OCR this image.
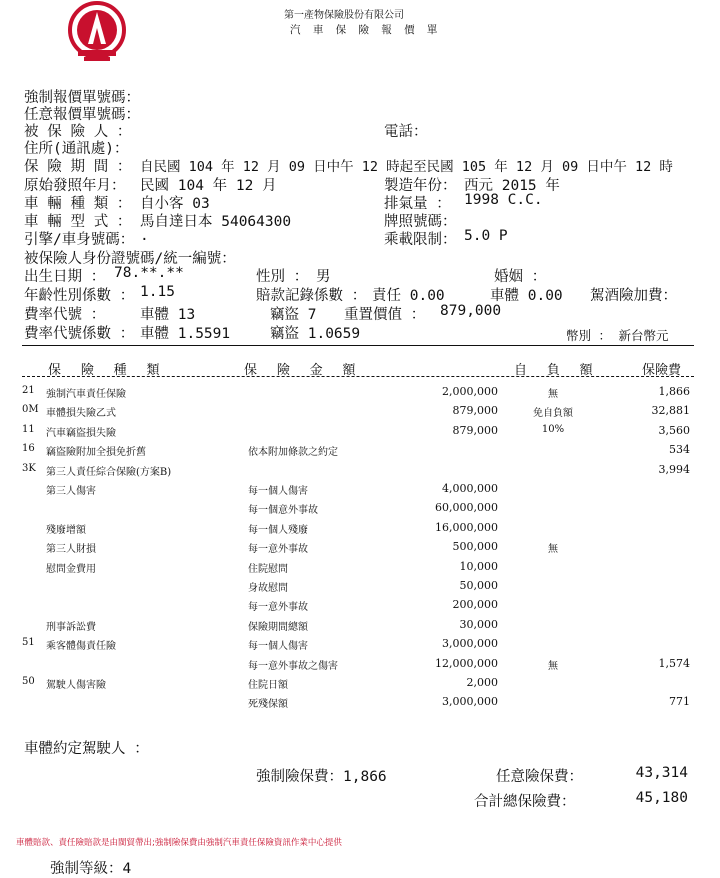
第一產物保險股份有限公司
汽 車 保 險 報 價 單
強制報價單號碼：
任意報價單號碼：
被 保 險 人 ：	電話：
住所(通訊處)：
保 險 期 間 ： 自民國 104 年 12 月 09 日中午 12 時起至民國 105 年 12 月 09 日中午 12 時
原始發照年月： 民國 104 年 12 月	製造年份： 西元 2015 年
車 輛 種 類 ： 自小客 03	排氣量 ： 1998 C.C.
車 輛 型 式 ： 馬自達日本 54064300	牌照號碼：
引擎/車身號碼： .	乘載限制： 5.0 P
被保險人身份證號碼/統一編號：
出生日期 ： 78.**.**	性別 ： 男	婚姻 ：
年齡性別係數 ： 1.15	賠款記錄係數 ： 責任 0.00	車體 0.00 駕酒險加費：
費率代號 ： 車體 13	竊盜 7 重置價值 ： 879,000
費率代號係數 ： 車體 1.5591	竊盜 1.0659	幣別 ： 新台幣元
保 險 種 類	保 險 金 額	自 負 額	保險費
21	強制汽車責任保險	2,000,000	無	1,866
0M 車體損失險乙式	879,000	免自負額	32,881
11	汽車竊盜損失險	879,000	10%	3,560
16	竊盜險附加全損免折舊	依本附加條款之約定	534
3K	第三人責任綜合保險(方案B)	3,994
第三人傷害	每一個人傷害	4,000,000
每一個意外事故	60,000,000
殘廢增額	每一個人殘廢	16,000,000
第三人財損	每一意外事故	500,000	無
慰問金費用	住院慰問	10,000
身故慰問	50,000
每一意外事故	200,000
刑事訴訟費	保險期間總額	30,000
51	乘客體傷責任險	每一個人傷害	3,000,000
每一意外事故之傷害	12,000,000	無	1,574
50	駕駛人傷害險	住院日額	2,000
死殘保額	3,000,000	771
車體約定駕駛人 ：
強制險保費：1,866	任意險保費：	43,314
合計總保險費：	45,180
車體賠款、責任險賠款是由閩貿帶出;強制險保費由強制汽車責任保險資訊作業中心提供
強制等級：4
